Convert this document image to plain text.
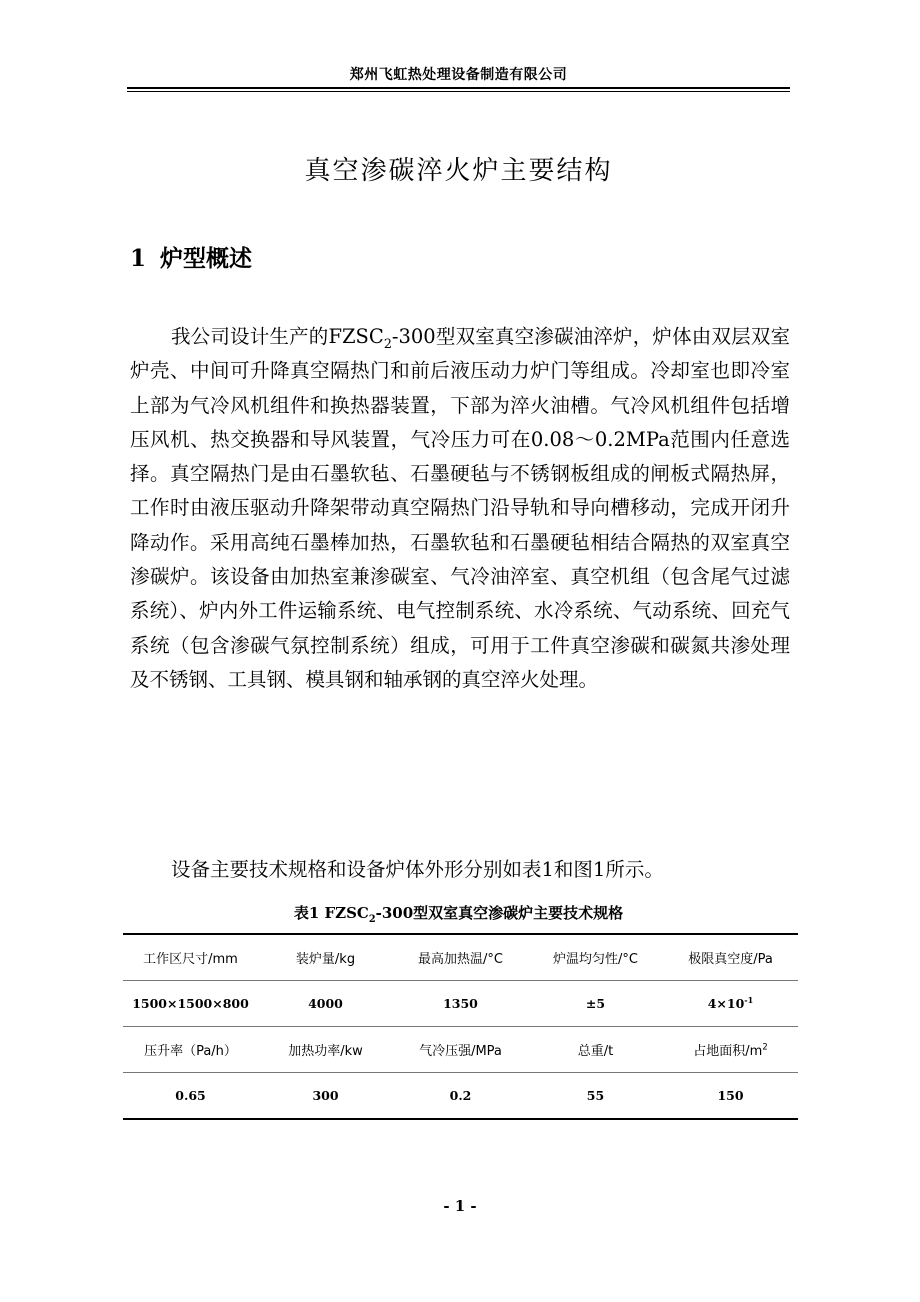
郑州飞虹热处理设备制造有限公司
真空渗碳淬火炉主要结构
1 炉型概述
我公司设计生产的$FZSC_2-300$型双室真空渗碳油淬炉，炉体由双层双室炉壳、中间可升降真空隔热门和前后液压动力炉门等组成。冷却室也即冷室上部为气冷风机组件和换热器装置，下部为淬火油槽。气冷风机组件包括增压风机、热交换器和导风装置，气冷压力可在0.08～0.2MPa范围内任意选择。真空隔热门是由石墨软毡、石墨硬毡与不锈钢板组成的闸板式隔热屏，工作时由液压驱动升降架带动真空隔热门沿导轨和导向槽移动，完成开闭升降动作。采用高纯石墨棒加热，石墨软毡和石墨硬毡相结合隔热的双室真空渗碳炉。该设备由加热室兼渗碳室、气冷油淬室、真空机组（包含尾气过滤系统）、炉内外工件运输系统、电气控制系统、水冷系统、气动系统、回充气系统（包含渗碳气氛控制系统）组成，可用于工件真空渗碳和碳氮共渗处理及不锈钢、工具钢、模具钢和轴承钢的真空淬火处理。
设备主要技术规格和设备炉体外形分别如表1和图1所示。
表1 $FZSC_2-300$型双室真空渗碳炉主要技术规格
工作区尺寸/mm	装炉量/kg	最高加热温/°C	炉温均匀性/°C	极限真空度/Pa
1500×1500×800	4000	1350	±5	$4\times 10^{-1}$
压升率（Pa/h）	加热功率/kw	气冷压强/MPa	总重/t	占地面积$/m^2$
0.65	300	0.2	55	150
- 1 -
